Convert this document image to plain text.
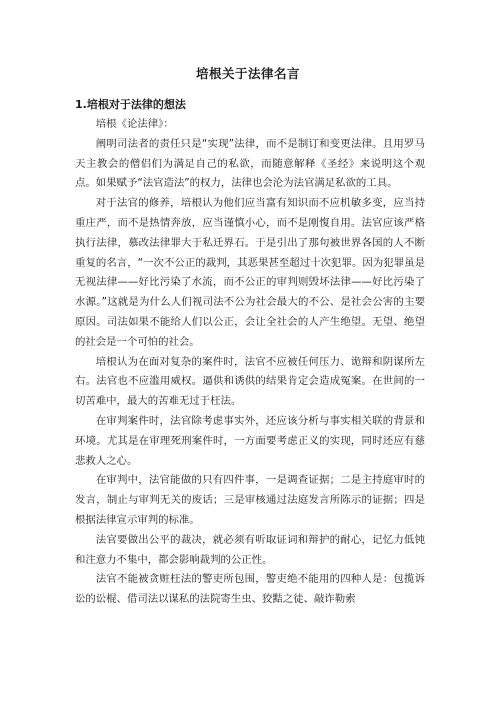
培根关于法律名言
1.培根对于法律的想法

培根《论法律》：

阐明司法者的责任只是“实现”法律，而不是制订和变更法律。且用罗马天主教会的僧侣们为满足自己的私欲，而随意解释《圣经》来说明这个观点。如果赋予“法官造法”的权力，法律也会沦为法官满足私欲的工具。

对于法官的修养，培根认为他们应当富有知识而不应机敏多变，应当持重庄严，而不是热情奔放，应当谨慎小心，而不是刚愎自用。法官应该严格执行法律，慕改法律罪大于私迁界石。于是引出了那句被世界各国的人不断重复的名言，“一次不公正的裁判，其恶果甚至超过十次犯罪。因为犯罪虽是无视法律——好比污染了水流，而不公正的审判则毁坏法律——好比污染了水源。”这就是为什么人们视司法不公为社会最大的不公、是社会公害的主要原因。司法如果不能给人们以公正，会让全社会的人产生绝望。无望、绝望的社会是一个可怕的社会。

培根认为在面对复杂的案件时，法官不应被任何压力、诡辩和阴谋所左右。法官也不应滥用威权。逼供和诱供的结果肯定会造成冤案。在世间的一切苦难中，最大的苦难无过于枉法。

在审判案件时，法官除考虑事实外，还应该分析与事实相关联的背景和环境。尤其是在审理死刑案件时，一方面要考虑正义的实现，同时还应有慈悲救人之心。

在审判中，法官能做的只有四件事，一是调查证据；二是主持庭审时的发言，制止与审判无关的废话；三是审核通过法庭发言所陈示的证据；四是根据法律宣示审判的标准。

法官要做出公平的裁决，就必须有听取证词和辩护的耐心，记忆力低钝和注意力不集中，都会影响裁判的公正性。

法官不能被贪赃枉法的警吏所包围，警吏绝不能用的四种人是：包揽诉讼的讼棍、借司法以谋私的法院寄生虫、狡黠之徒、敲诈勒索
